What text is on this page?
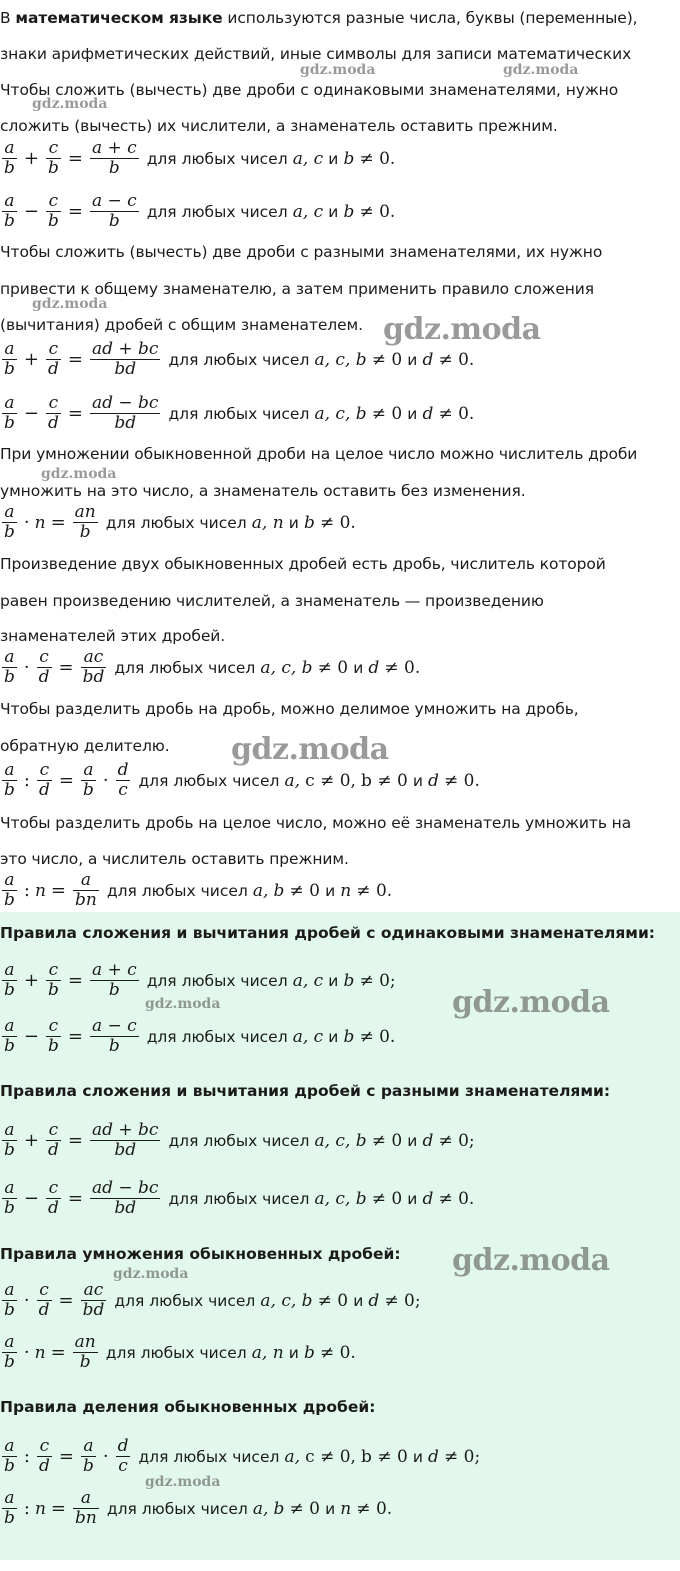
В математическом языке используются разные числа, буквы (переменные),
знаки арифметических действий, иные символы для записи математических
Чтобы сложить (вычесть) две дроби с одинаковыми знаменателями, нужно
сложить (вычесть) их числители, а знаменатель оставить прежним.
$\frac{a}{b} + \frac{c}{b} = \frac{a + c}{b}$ для любых чисел
a, c
и
b
≠ 0 .
$\frac{a}{b} - \frac{c}{b} = \frac{a - c}{b}$ для любых чисел
a, c
и
b
≠ 0 .
Чтобы сложить (вычесть) две дроби с разными знаменателями, их нужно
привести к общему знаменателю, а затем применить правило сложения
(вычитания) дробей с общим знаменателем.
$\frac{a}{b} + \frac{c}{d} = \frac{ad + bc}{bd}$ для любых чисел
a, c, b
≠ 0
и
d
≠ 0 .
$\frac{a}{b} - \frac{c}{d} = \frac{ad - bc}{bd}$ для любых чисел
a, c, b
≠ 0
и
d
≠ 0 .
При умножении обыкновенной дроби на целое число можно числитель дроби
умножить на это число, а знаменатель оставить без изменения.
$\frac{a}{b} \cdot n = \frac{an}{b}$ для любых чисел
a, n
и
b
≠ 0 .
Произведение двух обыкновенных дробей есть дробь, числитель которой
равен произведению числителей, а знаменатель — произведению
знаменателей этих дробей.
$\frac{a}{b} \cdot \frac{c}{d} = \frac{ac}{bd}$ для любых чисел
a, c, b
≠ 0
и
d
≠ 0 .
Чтобы разделить дробь на дробь, можно делимое умножить на дробь,
обратную делителю.
$\frac{a}{b}$ : $\frac{c}{d} = \frac{a}{b} \cdot \frac{d}{c}$ для любых чисел
a,
c ≠ 0,
b ≠ 0
и
d
≠ 0 .
Чтобы разделить дробь на целое число, можно её знаменатель умножить на
это число, а числитель оставить прежним.
$\frac{a}{b}$ : $n = \frac{a}{bn}$ для любых чисел
a,
b
≠ 0
и
n
≠ 0 .
Правила сложения и вычитания дробей с одинаковыми знаменателями:
$\frac{a}{b} + \frac{c}{b} = \frac{a + c}{b}$ для любых чисел
a, c
и
b
≠ 0 ;
$\frac{a}{b} - \frac{c}{b} = \frac{a - c}{b}$ для любых чисел
a, c
и
b
≠ 0 .
Правила сложения и вычитания дробей с разными знаменателями:
$\frac{a}{b} + \frac{c}{d} = \frac{ad + bc}{bd}$ для любых чисел
a, c, b
≠ 0
и
d
≠ 0 ;
$\frac{a}{b} - \frac{c}{d} = \frac{ad - bc}{bd}$ для любых чисел
a, c, b
≠ 0
и
d
≠ 0 .
Правила умножения обыкновенных дробей:
$\frac{a}{b} \cdot \frac{c}{d} = \frac{ac}{bd}$ для любых чисел
a, c, b
≠ 0
и
d
≠ 0 ;
$\frac{a}{b} \cdot n = \frac{an}{b}$ для любых чисел
a, n
и
b
≠ 0 .
Правила деления обыкновенных дробей:
$\frac{a}{b}$ : $\frac{c}{d} = \frac{a}{b} \cdot \frac{d}{c}$ для любых чисел
a,
c ≠ 0,
b ≠ 0
и
d
≠ 0 ;
$\frac{a}{b}$ : $n = \frac{a}{bn}$ для любых чисел
a,
b
≠ 0
и
n
≠ 0 .
gdz.moda	gdz.moda
gdz.moda
gdz.moda
gdz.moda
gdz.moda
gdz.moda
gdz.moda	gdz.moda
gdz.moda
gdz.moda
gdz.moda
